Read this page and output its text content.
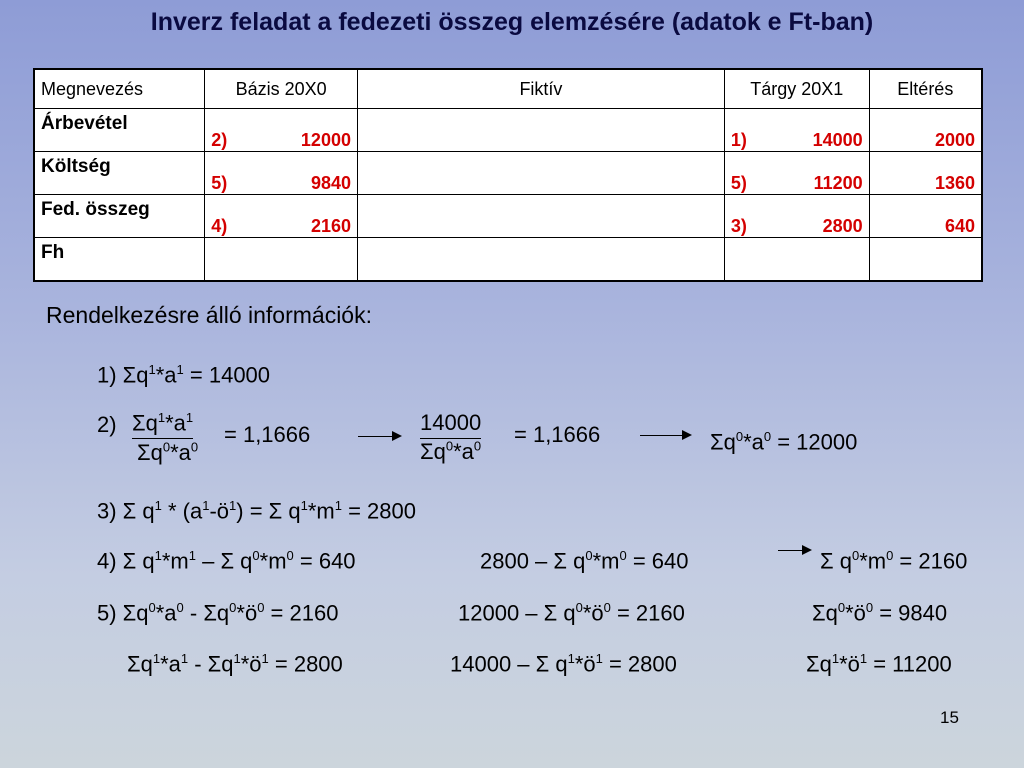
Inverz feladat a fedezeti összeg elemzésére (adatok e Ft-ban)
Megnevezés	Bázis 20X0	Fiktív	Tárgy 20X1	Eltérés
Árbevétel	2) 12000		1) 14000	2000
Költség	5) 9840		5) 11200	1360
Fed. összeg	4) 2160		3) 2800	640
Fh	

Rendelkezésre álló információk:
1) $\Sigma q^1*a^1 = 14000$
$2) \frac{\Sigma q^1*a^1}{\Sigma q^0*a^0} = 1,1666$	$\frac{14000}{\Sigma q^0*a^0} = 1,1666$	$\Sigma q^0*a^0 = 12000$
3) Σ $q^1$ * $(a^1-ö^1) = \Sigma$ $q^1*m^1 = 2800$
4) Σ $q^1*m^1$ – Σ $q^0*m^0 = 640$	2800 – Σ $q^0*m^0 = 640$	Σ $q^0*m^0 = 2160$
5) $\Sigma q^0*a^0$ - $\Sigma q^0*ö^0 = 2160$	12000 – Σ $q^0*ö^0 = 2160$	$\Sigma q^0*ö^0 = 9840$
$\Sigma q^1*a^1$ - $\Sigma q^1*ö^1 = 2800$	14000 – Σ $q^1*ö^1 = 2800$	$\Sigma q^1*ö^1 = 11200$
15
